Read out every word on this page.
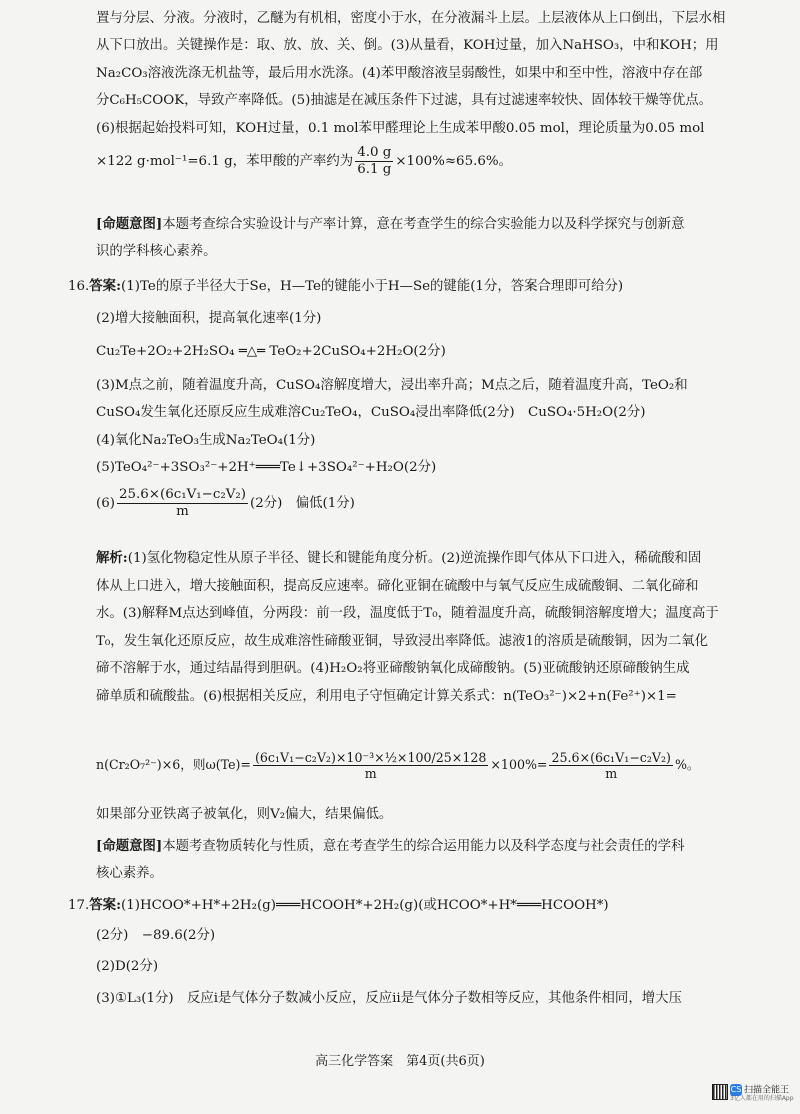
置与分层、分液。分液时，乙醚为有机相，密度小于水，在分液漏斗上层。上层液体从上口倒出，下层水相

从下口放出。关键操作是：取、放、放、关、倒。(3)从量看，KOH过量，加入NaHSO₃，中和KOH；用

Na₂CO₃溶液洗涤无机盐等，最后用水洗涤。(4)苯甲酸溶液呈弱酸性，如果中和至中性，溶液中存在部

分C₆H₅COOK，导致产率降低。(5)抽滤是在减压条件下过滤，具有过滤速率较快、固体较干燥等优点。

(6)根据起始投料可知，KOH过量，0.1 mol苯甲醛理论上生成苯甲酸0.05 mol，理论质量为0.05 mol

×122 g·mol⁻¹=6.1 g，苯甲酸的产率约为 $\frac{4.0 g}{6.1 g} \times 100\%\approx 65.6\%$。

[命题意图]本题考查综合实验设计与产率计算，意在考查学生的综合实验能力以及科学探究与创新意

识的学科核心素养。

16.答案:(1)Te的原子半径大于Se，H—Te的键能小于H—Se的键能(1分，答案合理即可给分)

(2)增大接触面积，提高氧化速率(1分)

Cu₂Te+2O₂+2H₂SO₄ ═△═ TeO₂+2CuSO₄+2H₂O(2分)

(3)M点之前，随着温度升高，CuSO₄溶解度增大，浸出率升高；M点之后，随着温度升高，TeO₂和

CuSO₄发生氧化还原反应生成难溶Cu₂TeO₄，CuSO₄浸出率降低(2分)　CuSO₄·5H₂O(2分)

(4)氧化Na₂TeO₃生成Na₂TeO₄(1分)

(5)TeO₄²⁻+3SO₃²⁻+2H⁺═══Te↓+3SO₄²⁻+H₂O(2分)

$(6) \frac{\text{25.6×(6c₁V₁−c₂V₂)}}{m} (2$分)　偏低(1分)

解析:(1)氢化物稳定性从原子半径、键长和键能角度分析。(2)逆流操作即气体从下口进入，稀硫酸和固

体从上口进入，增大接触面积，提高反应速率。碲化亚铜在硫酸中与氧气反应生成硫酸铜、二氧化碲和

水。(3)解释M点达到峰值，分两段：前一段，温度低于T₀，随着温度升高，硫酸铜溶解度增大；温度高于

T₀，发生氧化还原反应，故生成难溶性碲酸亚铜，导致浸出率降低。滤液1的溶质是硫酸铜，因为二氧化

碲不溶解于水，通过结晶得到胆矾。(4)H₂O₂将亚碲酸钠氧化成碲酸钠。(5)亚硫酸钠还原碲酸钠生成

碲单质和硫酸盐。(6)根据相关反应，利用电子守恒确定计算关系式：n(TeO₃²⁻)×2+n(Fe²⁺)×1=

n(Cr₂O₇²⁻)×6，则$\omega(Te)= \frac{\text{(6c₁V₁−c₂V₂)×10⁻³×½×100/25×128}}{m} \times 100\%= \frac{\text{25.6×(6c₁V₁−c₂V₂)}}{m}$ %。

如果部分亚铁离子被氧化，则V₂偏大，结果偏低。

[命题意图]本题考查物质转化与性质，意在考查学生的综合运用能力以及科学态度与社会责任的学科

核心素养。

17.答案:(1)HCOO*+H*+2H₂(g)═══HCOOH*+2H₂(g)(或HCOO*+H*═══HCOOH*)

(2分)　−89.6(2分)

(2)D(2分)

(3)①L₃(1分)　反应i是气体分子数减小反应，反应ii是气体分子数相等反应，其他条件相同，增大压

高三化学答案　第4页(共6页)
CS 扫描全能王
3亿人都在用的扫描App
